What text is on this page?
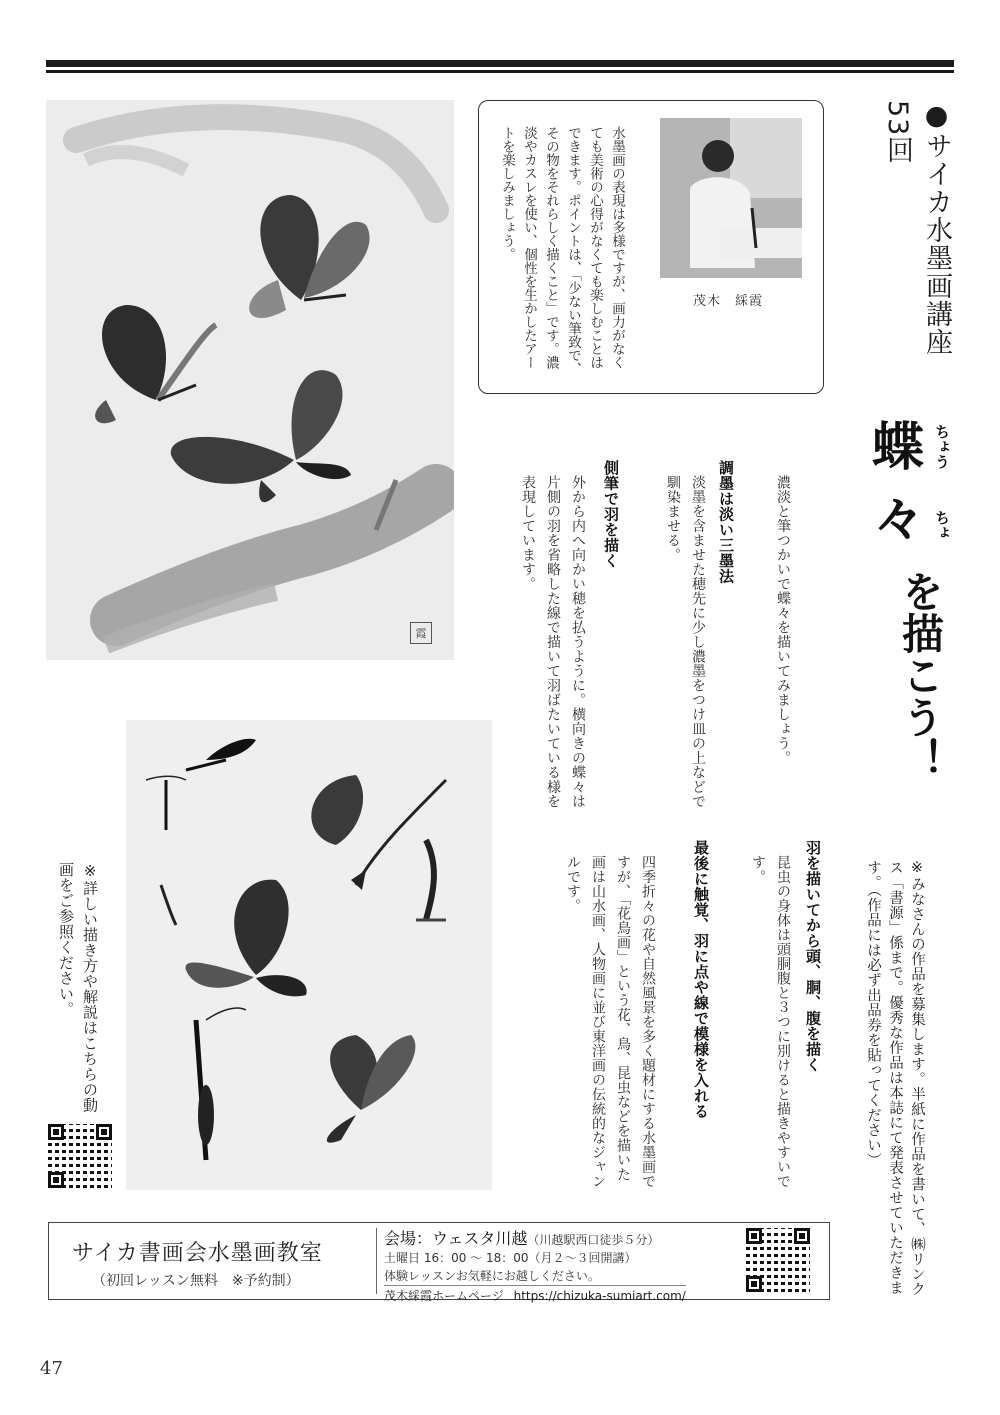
霞
茂木　綵霞
水墨画の表現は多様ですが、画力がなくても美術の心得がなくても楽しむことはできます。ポイントは、「少ない筆致で、その物をそれらしく描くこと」です。濃淡やカスレを使い、個性を生かしたアートを楽しみましょう。	●サイカ水墨画講座53回
蝶 ちょう
々 ちょ
を描こう！
濃淡と筆つかいで蝶々を描いてみましょう。
調墨は淡い三墨法
淡墨を含ませた穂先に少し濃墨をつけ皿の上などで馴染ませる。
側筆で羽を描く
外から内へ向かい穂を払うように。横向きの蝶々は片側の羽を省略した線で描いて羽ばたいている様を表現しています。
羽を描いてから頭、胴、腹を描く
昆虫の身体は頭胴腹と３つに別けると描きやすいです。
最後に触覚、羽に点や線で模様を入れる
四季折々の花や自然風景を多く題材にする水墨画ですが、「花鳥画」という花、鳥、昆虫などを描いた画は山水画、人物画に並び東洋画の伝統的なジャンルです。	※みなさんの作品を募集します。半紙に作品を書いて、㈱リンクス「書源」係まで。優秀な作品は本誌にて発表させていただきます。（作品には必ず出品券を貼ってください）
※詳しい描き方や解説はこちらの動画をご参照ください。
サイカ書画会水墨画教室
（初回レッスン無料　※予約制）
会場：ウェスタ川越（川越駅西口徒歩５分）
土曜日 16：00 ～ 18：00（月２～３回開講）
体験レッスンお気軽にお越しください。
茂木綵霞ホームページ https://chizuka-sumiart.com/
47
